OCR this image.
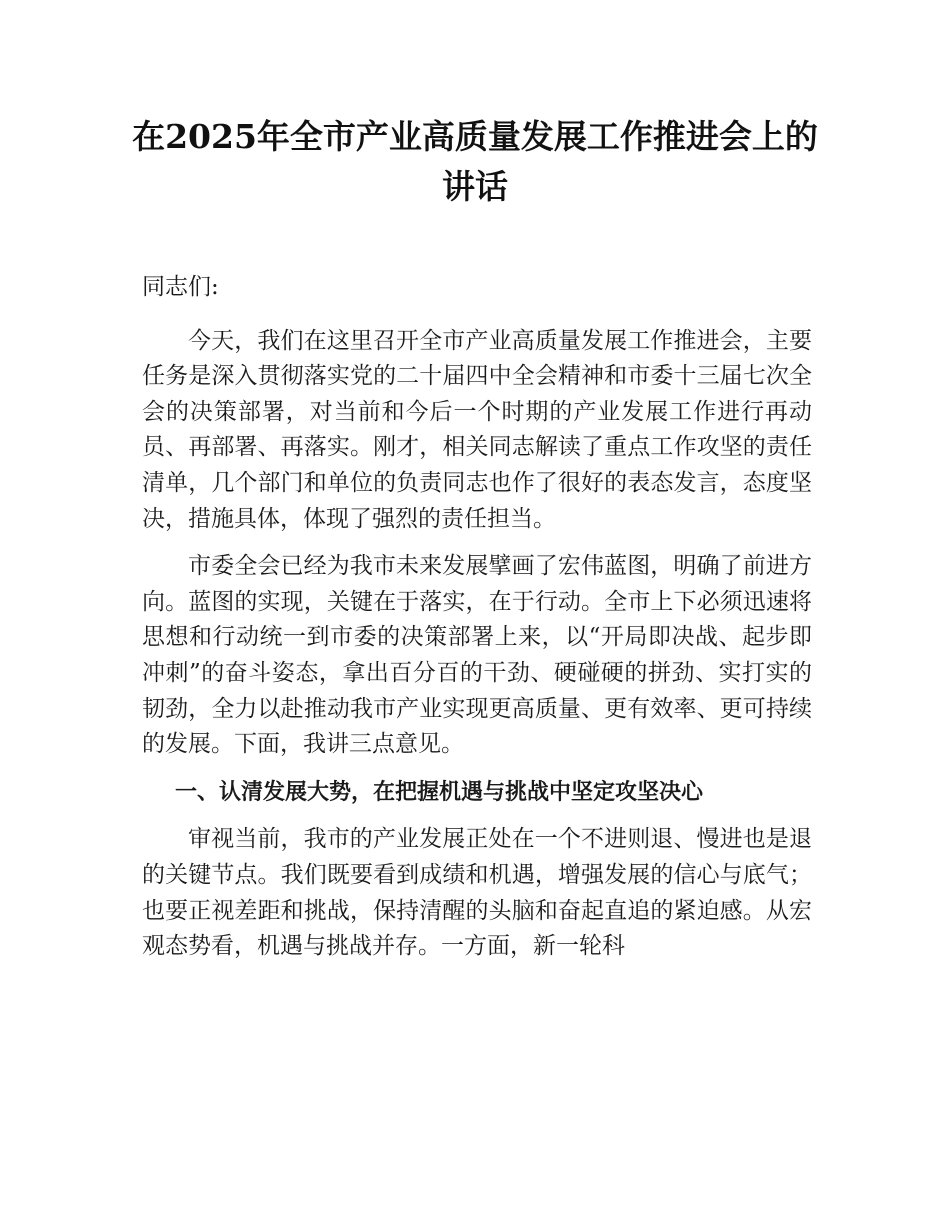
在2025年全市产业高质量发展工作推进会上的讲话

同志们:

今天，我们在这里召开全市产业高质量发展工作推进会，主要任务是深入贯彻落实党的二十届四中全会精神和市委十三届七次全会的决策部署，对当前和今后一个时期的产业发展工作进行再动员、再部署、再落实。刚才，相关同志解读了重点工作攻坚的责任清单，几个部门和单位的负责同志也作了很好的表态发言，态度坚决，措施具体，体现了强烈的责任担当。

市委全会已经为我市未来发展擘画了宏伟蓝图，明确了前进方向。蓝图的实现，关键在于落实，在于行动。全市上下必须迅速将思想和行动统一到市委的决策部署上来，以“开局即决战、起步即冲刺”的奋斗姿态，拿出百分百的干劲、硬碰硬的拼劲、实打实的韧劲，全力以赴推动我市产业实现更高质量、更有效率、更可持续的发展。下面，我讲三点意见。

一、认清发展大势，在把握机遇与挑战中坚定攻坚决心

审视当前，我市的产业发展正处在一个不进则退、慢进也是退的关键节点。我们既要看到成绩和机遇，增强发展的信心与底气；也要正视差距和挑战，保持清醒的头脑和奋起直追的紧迫感。从宏观态势看，机遇与挑战并存。一方面，新一轮科
